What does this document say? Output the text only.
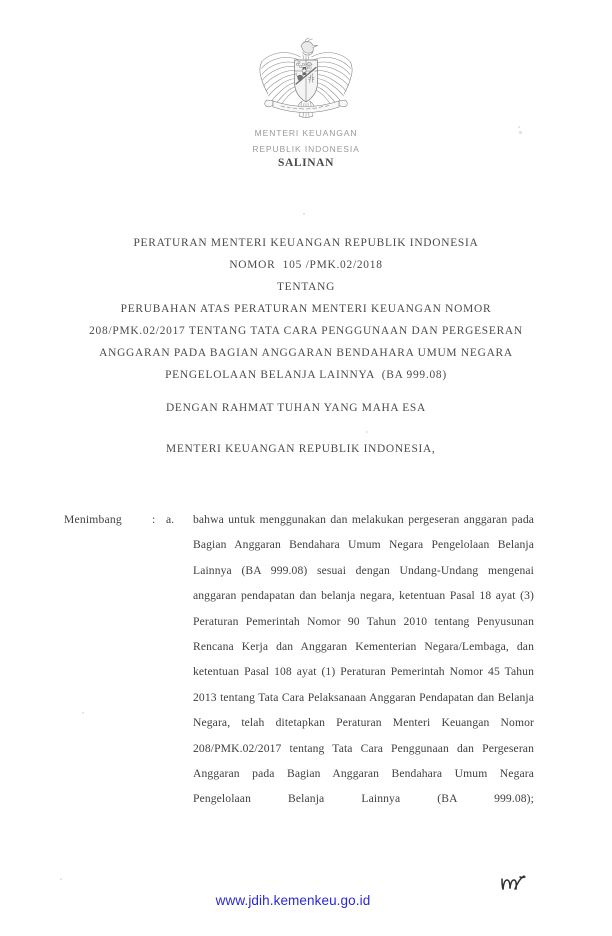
MENTERI KEUANGAN
REPUBLIK INDONESIA
SALINAN
PERATURAN MENTERI KEUANGAN REPUBLIK INDONESIA
NOMOR  105 /PMK.02/2018
TENTANG
PERUBAHAN ATAS PERATURAN MENTERI KEUANGAN NOMOR
208/PMK.02/2017 TENTANG TATA CARA PENGGUNAAN DAN PERGESERAN
ANGGARAN PADA BAGIAN ANGGARAN BENDAHARA UMUM NEGARA
PENGELOLAAN BELANJA LAINNYA  (BA 999.08)
DENGAN RAHMAT TUHAN YANG MAHA ESA
MENTERI KEUANGAN REPUBLIK INDONESIA,
Menimbang	: a. bahwa untuk menggunakan dan melakukan pergeseran anggaran pada Bagian Anggaran Bendahara Umum Negara Pengelolaan Belanja Lainnya (BA 999.08) sesuai dengan Undang-Undang mengenai anggaran pendapatan dan belanja negara, ketentuan Pasal 18 ayat (3) Peraturan Pemerintah Nomor 90 Tahun 2010 tentang Penyusunan Rencana Kerja dan Anggaran Kementerian Negara/Lembaga, dan ketentuan Pasal 108 ayat (1) Peraturan Pemerintah Nomor 45 Tahun 2013 tentang Tata Cara Pelaksanaan Anggaran Pendapatan dan Belanja Negara, telah ditetapkan Peraturan Menteri Keuangan Nomor 208/PMK.02/2017 tentang Tata Cara Penggunaan dan Pergeseran Anggaran pada Bagian Anggaran Bendahara Umum Negara Pengelolaan Belanja Lainnya (BA 999.08);
www.jdih.kemenkeu.go.id
